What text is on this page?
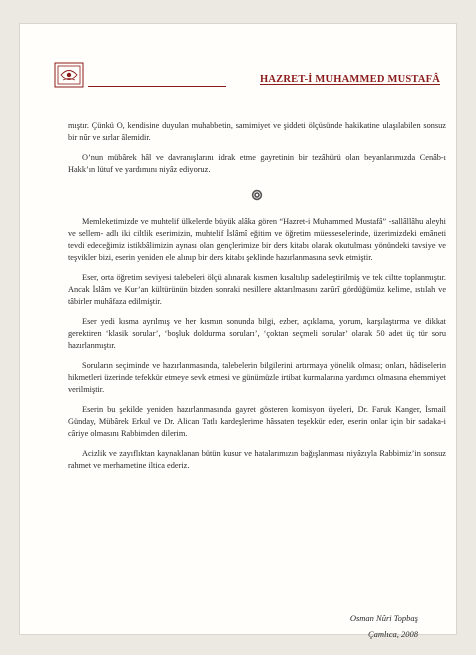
HAZRET-İ MUHAMMED MUSTAFÂ

mıştır. Çünkü O, kendisine duyulan muhabbetin, samimiyet ve şiddeti ölçüsünde hakikatine ulaşılabilen sonsuz bir nûr ve sırlar âlemidir.

O’nun mübârek hâl ve davranışlarını idrak etme gayretinin bir tezâhürü olan beyanlarımızda Cenâb-ı Hakk’ın lütuf ve yardımını niyâz ediyoruz.

Memleketimizde ve muhtelif ülkelerde büyük alâka gören “Hazret-i Muhammed Mustafâ” -sallâllâhu aleyhi ve sellem- adlı iki ciltlik eserimizin, muhtelif İslâmî eğitim ve öğretim müesseselerinde, üzerimizdeki emâneti tevdi edeceğimiz istikbâlimizin aynası olan gençlerimize bir ders kitabı olarak okutulması yönündeki tavsiye ve teşvikler bizi, eserin yeniden ele alınıp bir ders kitabı şeklinde hazırlanmasına sevk etmiştir.

Eser, orta öğretim seviyesi talebeleri ölçü alınarak kısmen kısaltılıp sadeleştirilmiş ve tek ciltte toplanmıştır. Ancak İslâm ve Kur’an kültürünün bizden sonraki nesillere aktarılmasını zarûrî gördüğümüz kelime, ıstılah ve tâbirler muhâfaza edilmiştir.

Eser yedi kısma ayrılmış ve her kısmın sonunda bilgi, ezber, açıklama, yorum, karşılaştırma ve dikkat gerektiren ‘klasik sorular’, ‘boşluk doldurma soruları’, ‘çoktan seçmeli sorular’ olarak 50 adet üç tür soru hazırlanmıştır.

Soruların seçiminde ve hazırlanmasında, talebelerin bilgilerini artırmaya yönelik olması; onları, hâdiselerin hikmetleri üzerinde tefekkür etmeye sevk etmesi ve günümüzle irtibat kurmalarına yardımcı olmasına ehemmiyet verilmiştir.

Eserin bu şekilde yeniden hazırlanmasında gayret gösteren komisyon üyeleri, Dr. Faruk Kanger, İsmail Günday, Mübârek Erkul ve Dr. Alican Tatlı kardeşlerime hâssaten teşekkür eder, eserin onlar için bir sadaka-i câriye olmasını Rabbimden dilerim.

Acizlik ve zayıflıktan kaynaklanan bütün kusur ve hatalarımızın bağışlanması niyâzıyla Rabbimiz’in sonsuz rahmet ve merhametine iltica ederiz.

Osman Nûri Topbaş
Çamlıca, 2008
